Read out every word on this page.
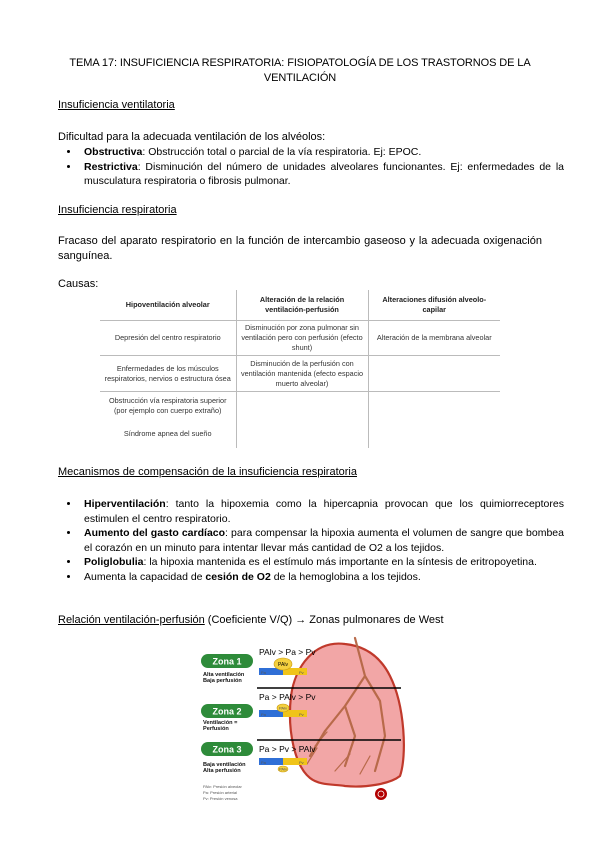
TEMA 17: INSUFICIENCIA RESPIRATORIA: FISIOPATOLOGÍA DE LOS TRASTORNOS DE LA VENTILACIÓN
Insuficiencia ventilatoria
Dificultad para la adecuada ventilación de los alvéolos:
• Obstructiva: Obstrucción total o parcial de la vía respiratoria. Ej: EPOC.
• Restrictiva: Disminución del número de unidades alveolares funcionantes. Ej: enfermedades de la musculatura respiratoria o fibrosis pulmonar.
Insuficiencia respiratoria
Fracaso del aparato respiratorio en la función de intercambio gaseoso y la adecuada oxigenación sanguínea.
Causas:
Hipoventilación alveolar	Alteración de la relación ventilación-perfusión	Alteraciones difusión alveolo-capilar
Depresión del centro respiratorio	Disminución por zona pulmonar sin ventilación pero con perfusión (efecto shunt)	Alteración de la membrana alveolar
Enfermedades de los músculos respiratorios, nervios o estructura ósea	Disminución de la perfusión con ventilación mantenida (efecto espacio muerto alveolar)	
Obstrucción vía respiratoria superior (por ejemplo con cuerpo extraño)		
Síndrome apnea del sueño		
Mecanismos de compensación de la insuficiencia respiratoria
• Hiperventilación: tanto la hipoxemia como la hipercapnia provocan que los quimiorreceptores estimulen el centro respiratorio.
• Aumento del gasto cardíaco: para compensar la hipoxia aumenta el volumen de sangre que bombea el corazón en un minuto para intentar llevar más cantidad de O2 a los tejidos.
• Poliglobulia: la hipoxia mantenida es el estímulo más importante en la síntesis de eritropoyetina.
• Aumenta la capacidad de cesión de O2 de la hemoglobina a los tejidos.
Relación ventilación-perfusión (Coeficiente V/Q) → Zonas pulmonares de West
Zona 1
Alta ventilación
Baja perfusión
PAlv > Pa > Pv
PAlv
Pa	Pv
Zona 2
Ventilación =
Perfusión
Pa > PAlv > Pv
PAlv
Pa	Pv
Zona 3
Baja ventilación
Alta perfusión
Pa > Pv > PAlv
PAlv
Pa	Pv
PAlv: Presión alveolar
Pa: Presión arterial
Pv: Presión venosa
